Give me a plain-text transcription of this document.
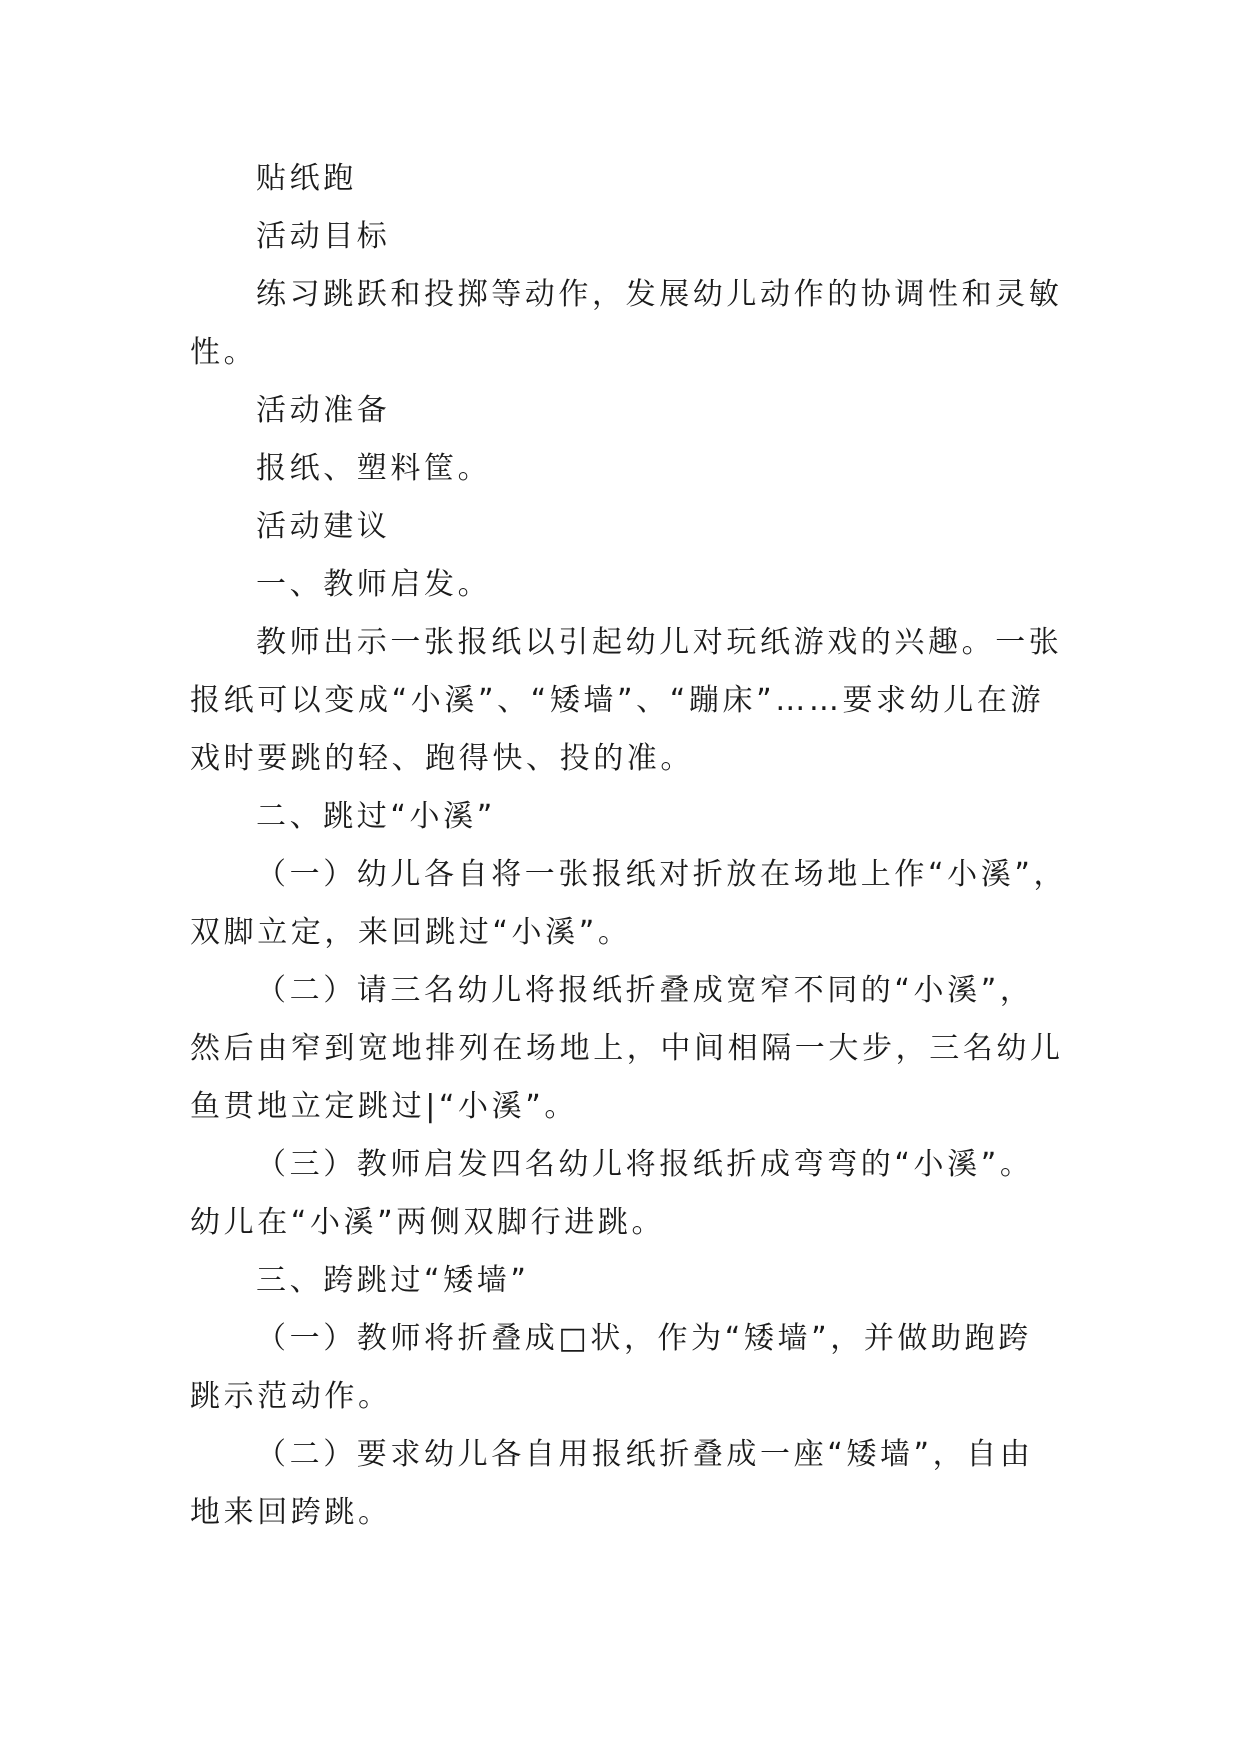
贴纸跑

活动目标

练习跳跃和投掷等动作，发展幼儿动作的协调性和灵敏

性。

活动准备

报纸、塑料筐。

活动建议

一、教师启发。

教师出示一张报纸以引起幼儿对玩纸游戏的兴趣。一张

报纸可以变成“小溪”、“矮墙”、“蹦床”……要求幼儿在游

戏时要跳的轻、跑得快、投的准。

二、跳过“小溪”

（一）幼儿各自将一张报纸对折放在场地上作“小溪”，

双脚立定，来回跳过“小溪”。

（二）请三名幼儿将报纸折叠成宽窄不同的“小溪”，

然后由窄到宽地排列在场地上，中间相隔一大步，三名幼儿

鱼贯地立定跳过|“小溪”。

（三）教师启发四名幼儿将报纸折成弯弯的“小溪”。

幼儿在“小溪”两侧双脚行进跳。

三、跨跳过“矮墙”

（一）教师将折叠成□状，作为“矮墙”，并做助跑跨

跳示范动作。

（二）要求幼儿各自用报纸折叠成一座“矮墙”，自由

地来回跨跳。
